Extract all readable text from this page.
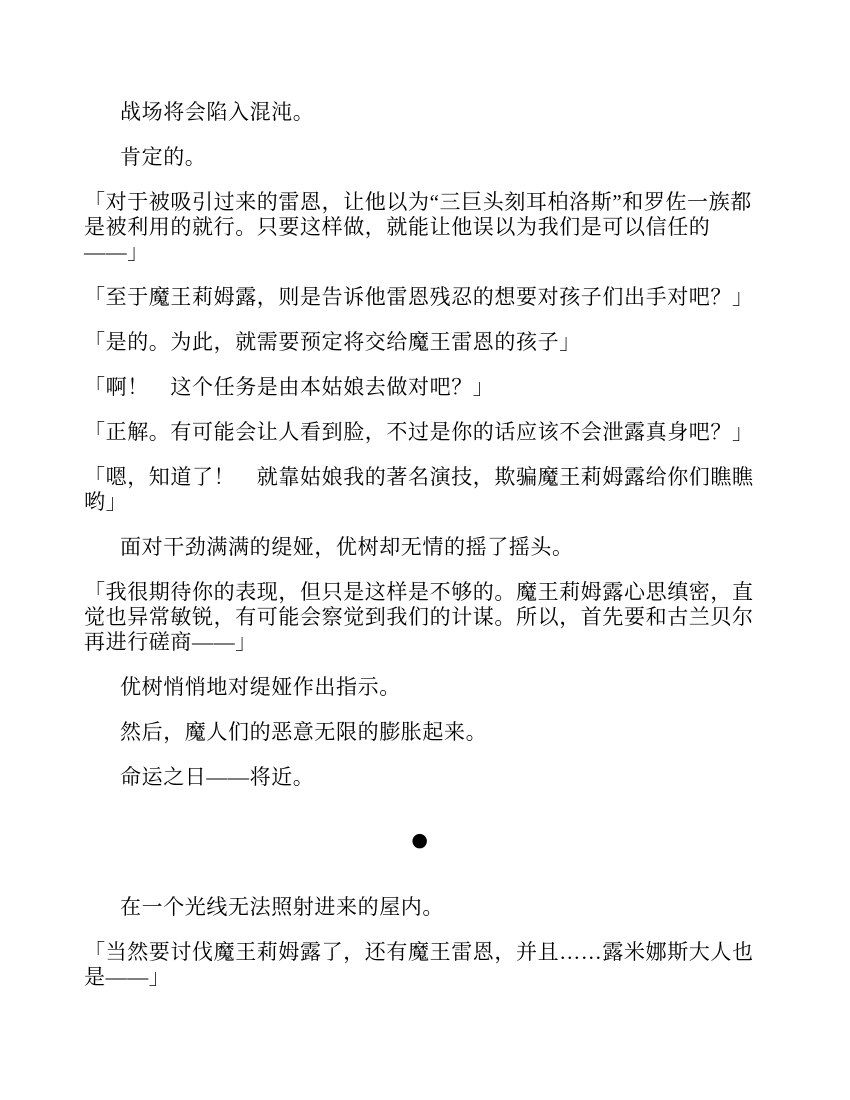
战场将会陷入混沌。

肯定的。

「对于被吸引过来的雷恩，让他以为“三巨头刻耳柏洛斯”和罗佐一族都是被利用的就行。只要这样做，就能让他误以为我们是可以信任的——」

「至于魔王莉姆露，则是告诉他雷恩残忍的想要对孩子们出手对吧？」

「是的。为此，就需要预定将交给魔王雷恩的孩子」

「啊！　这个任务是由本姑娘去做对吧？」

「正解。有可能会让人看到脸，不过是你的话应该不会泄露真身吧？」

「嗯，知道了！　就靠姑娘我的著名演技，欺骗魔王莉姆露给你们瞧瞧哟」

面对干劲满满的缇娅，优树却无情的摇了摇头。

「我很期待你的表现，但只是这样是不够的。魔王莉姆露心思缜密，直觉也异常敏锐，有可能会察觉到我们的计谋。所以，首先要和古兰贝尔再进行磋商——」

优树悄悄地对缇娅作出指示。

然后，魔人们的恶意无限的膨胀起来。

命运之日——将近。

●

在一个光线无法照射进来的屋内。

「当然要讨伐魔王莉姆露了，还有魔王雷恩，并且……露米娜斯大人也是——」
